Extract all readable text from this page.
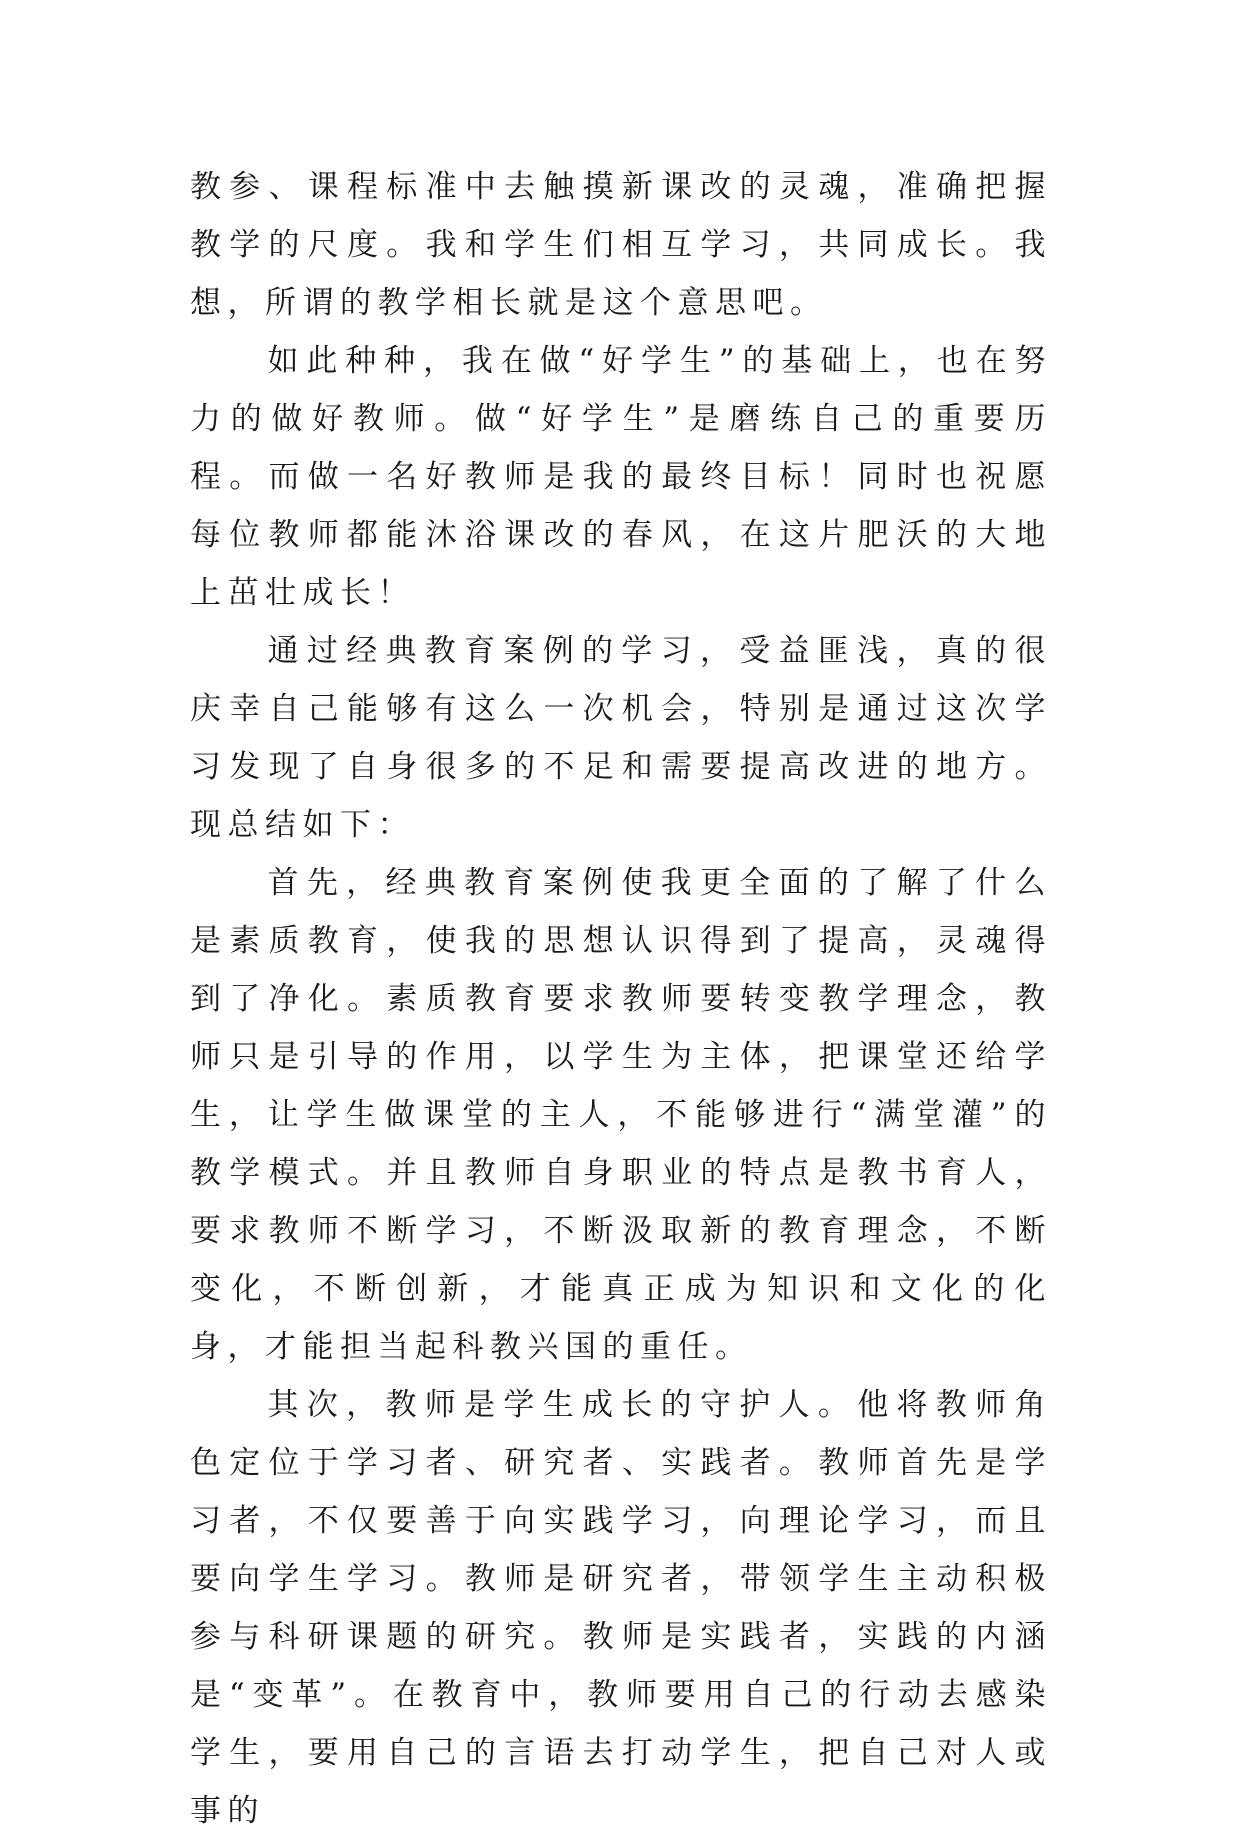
教参、课程标准中去触摸新课改的灵魂，准确把握教学的尺度。我和学生们相互学习，共同成长。我想，所谓的教学相长就是这个意思吧。

如此种种，我在做“好学生”的基础上，也在努力的做好教师。做“好学生”是磨练自己的重要历程。而做一名好教师是我的最终目标！同时也祝愿每位教师都能沐浴课改的春风，在这片肥沃的大地上茁壮成长！

通过经典教育案例的学习，受益匪浅，真的很庆幸自己能够有这么一次机会，特别是通过这次学习发现了自身很多的不足和需要提高改进的地方。现总结如下：

首先，经典教育案例使我更全面的了解了什么是素质教育，使我的思想认识得到了提高，灵魂得到了净化。素质教育要求教师要转变教学理念，教师只是引导的作用，以学生为主体，把课堂还给学生，让学生做课堂的主人，不能够进行“满堂灌”的教学模式。并且教师自身职业的特点是教书育人，要求教师不断学习，不断汲取新的教育理念，不断变化，不断创新，才能真正成为知识和文化的化身，才能担当起科教兴国的重任。

其次，教师是学生成长的守护人。他将教师角色定位于学习者、研究者、实践者。教师首先是学习者，不仅要善于向实践学习，向理论学习，而且要向学生学习。教师是研究者，带领学生主动积极参与科研课题的研究。教师是实践者，实践的内涵是“变革”。在教育中，教师要用自己的行动去感染学生，要用自己的言语去打动学生，把自己对人或事的
